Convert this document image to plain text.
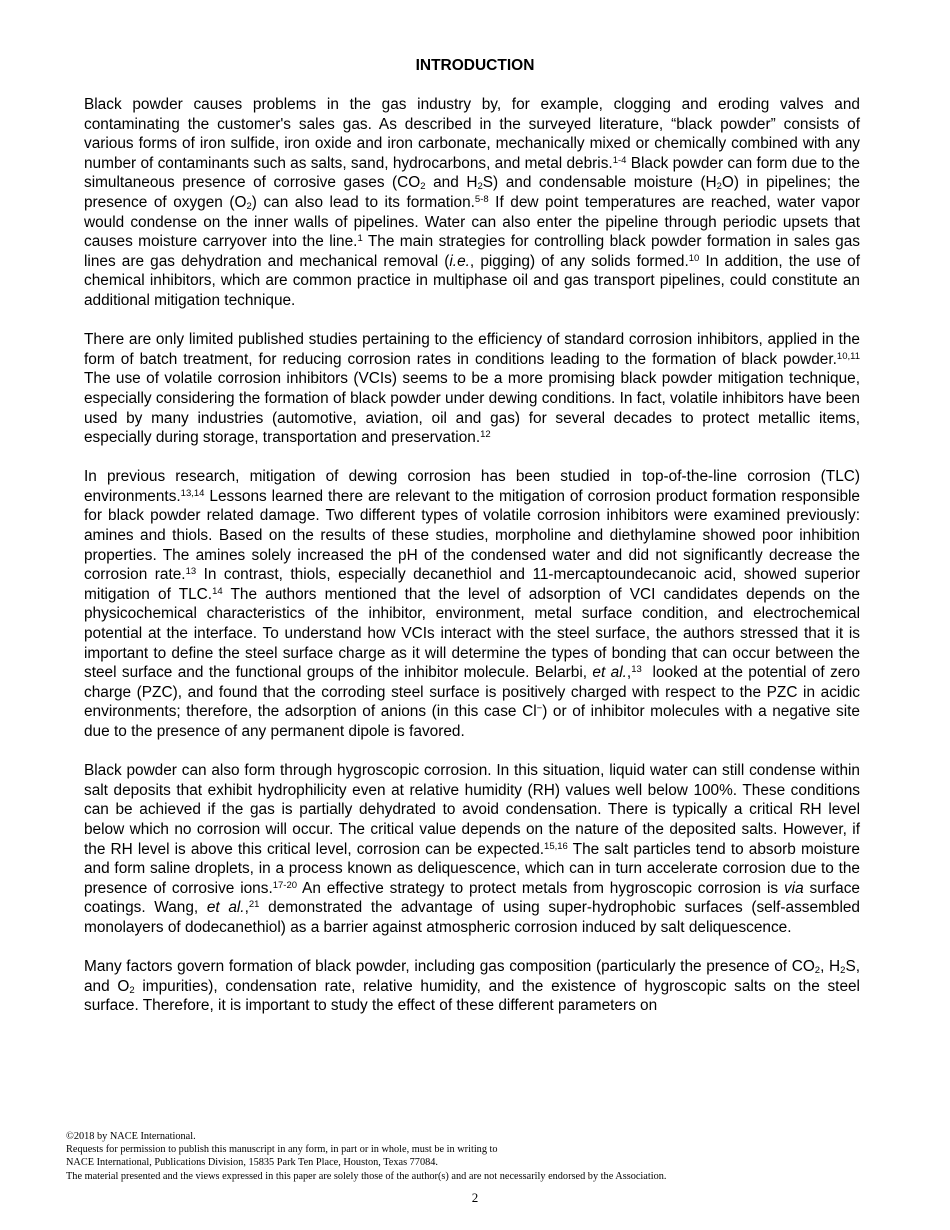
INTRODUCTION

Black powder causes problems in the gas industry by, for example, clogging and eroding valves and contaminating the customer's sales gas. As described in the surveyed literature, “black powder” consists of various forms of iron sulfide, iron oxide and iron carbonate, mechanically mixed or chemically combined with any number of contaminants such as salts, sand, hydrocarbons, and metal debris.$^{1-4}$ Black powder can form due to the simultaneous presence of corrosive gases ($CO_2$ and $H_2S$) and condensable moisture $(H_2O)$ in pipelines; the presence of oxygen $(O_2)$ can also lead to its formation.$^{5-8}$ If dew point temperatures are reached, water vapor would condense on the inner walls of pipelines. Water can also enter the pipeline through periodic upsets that causes moisture carryover into the line.$^1$ The main strategies for controlling black powder formation in sales gas lines are gas dehydration and mechanical removal (i.e., pigging) of any solids formed.$^{10}$ In addition, the use of chemical inhibitors, which are common practice in multiphase oil and gas transport pipelines, could constitute an additional mitigation technique.

There are only limited published studies pertaining to the efficiency of standard corrosion inhibitors, applied in the form of batch treatment, for reducing corrosion rates in conditions leading to the formation of black powder.$^{10,11}$ The use of volatile corrosion inhibitors (VCIs) seems to be a more promising black powder mitigation technique, especially considering the formation of black powder under dewing conditions. In fact, volatile inhibitors have been used by many industries (automotive, aviation, oil and gas) for several decades to protect metallic items, especially during storage, transportation and preservation.$^{12}$

In previous research, mitigation of dewing corrosion has been studied in top-of-the-line corrosion (TLC) environments.$^{13,14}$ Lessons learned there are relevant to the mitigation of corrosion product formation responsible for black powder related damage. Two different types of volatile corrosion inhibitors were examined previously: amines and thiols. Based on the results of these studies, morpholine and diethylamine showed poor inhibition properties. The amines solely increased the pH of the condensed water and did not significantly decrease the corrosion rate.$^{13}$ In contrast, thiols, especially decanethiol and 11-mercaptoundecanoic acid, showed superior mitigation of TLC.$^{14}$ The authors mentioned that the level of adsorption of VCI candidates depends on the physicochemical characteristics of the inhibitor, environment, metal surface condition, and electrochemical potential at the interface. To understand how VCIs interact with the steel surface, the authors stressed that it is important to define the steel surface charge as it will determine the types of bonding that can occur between the steel surface and the functional groups of the inhibitor molecule. Belarbi, et al.,$^{13}$  looked at the potential of zero charge (PZC), and found that the corroding steel surface is positively charged with respect to the PZC in acidic environments; therefore, the adsorption of anions (in this case Cl−) or of inhibitor molecules with a negative site due to the presence of any permanent dipole is favored.

Black powder can also form through hygroscopic corrosion. In this situation, liquid water can still condense within salt deposits that exhibit hydrophilicity even at relative humidity (RH) values well below 100%. These conditions can be achieved if the gas is partially dehydrated to avoid condensation. There is typically a critical RH level below which no corrosion will occur. The critical value depends on the nature of the deposited salts. However, if the RH level is above this critical level, corrosion can be expected.$^{15,16}$ The salt particles tend to absorb moisture and form saline droplets, in a process known as deliquescence, which can in turn accelerate corrosion due to the presence of corrosive ions.$^{17-20}$ An effective strategy to protect metals from hygroscopic corrosion is via surface coatings. Wang, et al.,$^{21}$ demonstrated the advantage of using super-hydrophobic surfaces (self-assembled monolayers of dodecanethiol) as a barrier against atmospheric corrosion induced by salt deliquescence.

Many factors govern formation of black powder, including gas composition (particularly the presence of $CO_2$, $H_2S$, and $O_2$ impurities), condensation rate, relative humidity, and the existence of hygroscopic salts on the steel surface. Therefore, it is important to study the effect of these different parameters on

©2018 by NACE International.
Requests for permission to publish this manuscript in any form, in part or in whole, must be in writing to
NACE International, Publications Division, 15835 Park Ten Place, Houston, Texas 77084.
The material presented and the views expressed in this paper are solely those of the author(s) and are not necessarily endorsed by the Association.
2
